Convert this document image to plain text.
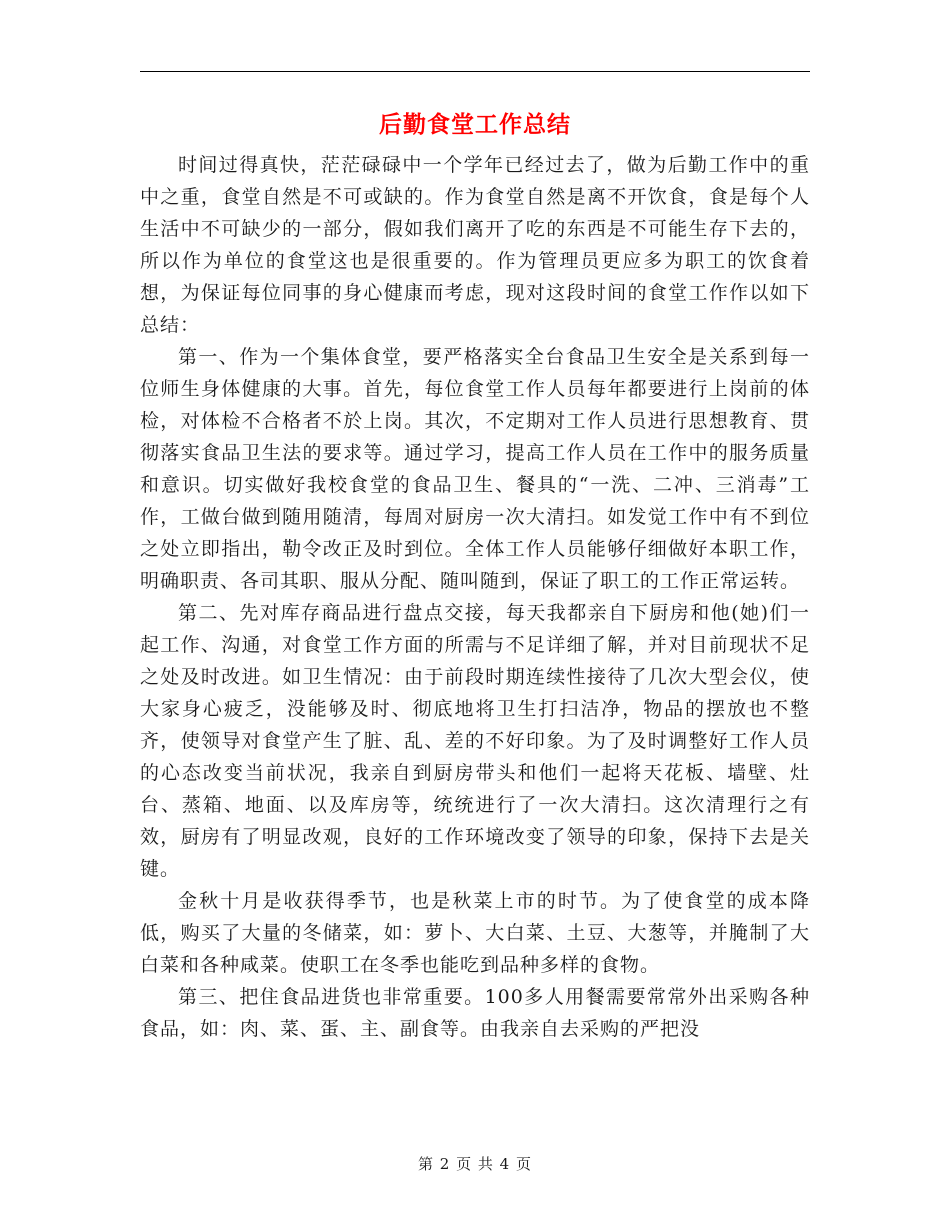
后勤食堂工作总结

时间过得真快，茫茫碌碌中一个学年已经过去了，做为后勤工作中的重中之重，食堂自然是不可或缺的。作为食堂自然是离不开饮食，食是每个人生活中不可缺少的一部分，假如我们离开了吃的东西是不可能生存下去的，所以作为单位的食堂这也是很重要的。作为管理员更应多为职工的饮食着想，为保证每位同事的身心健康而考虑，现对这段时间的食堂工作作以如下总结：

第一、作为一个集体食堂，要严格落实全台食品卫生安全是关系到每一位师生身体健康的大事。首先，每位食堂工作人员每年都要进行上岗前的体检，对体检不合格者不於上岗。其次，不定期对工作人员进行思想教育、贯彻落实食品卫生法的要求等。通过学习，提高工作人员在工作中的服务质量和意识。切实做好我校食堂的食品卫生、餐具的“一洗、二冲、三消毒”工作，工做台做到随用随清，每周对厨房一次大清扫。如发觉工作中有不到位之处立即指出，勒令改正及时到位。全体工作人员能够仔细做好本职工作，明确职责、各司其职、服从分配、随叫随到，保证了职工的工作正常运转。

第二、先对库存商品进行盘点交接，每天我都亲自下厨房和他(她)们一起工作、沟通，对食堂工作方面的所需与不足详细了解，并对目前现状不足之处及时改进。如卫生情况：由于前段时期连续性接待了几次大型会仪，使大家身心疲乏，没能够及时、彻底地将卫生打扫洁净，物品的摆放也不整齐，使领导对食堂产生了脏、乱、差的不好印象。为了及时调整好工作人员的心态改变当前状况，我亲自到厨房带头和他们一起将天花板、墙壁、灶台、蒸箱、地面、以及库房等，统统进行了一次大清扫。这次清理行之有效，厨房有了明显改观，良好的工作环境改变了领导的印象，保持下去是关键。

金秋十月是收获得季节，也是秋菜上市的时节。为了使食堂的成本降低，购买了大量的冬储菜，如：萝卜、大白菜、土豆、大葱等，并腌制了大白菜和各种咸菜。使职工在冬季也能吃到品种多样的食物。

第三、把住食品进货也非常重要。100多人用餐需要常常外出采购各种食品，如：肉、菜、蛋、主、副食等。由我亲自去采购的严把没

第 2 页 共 4 页
